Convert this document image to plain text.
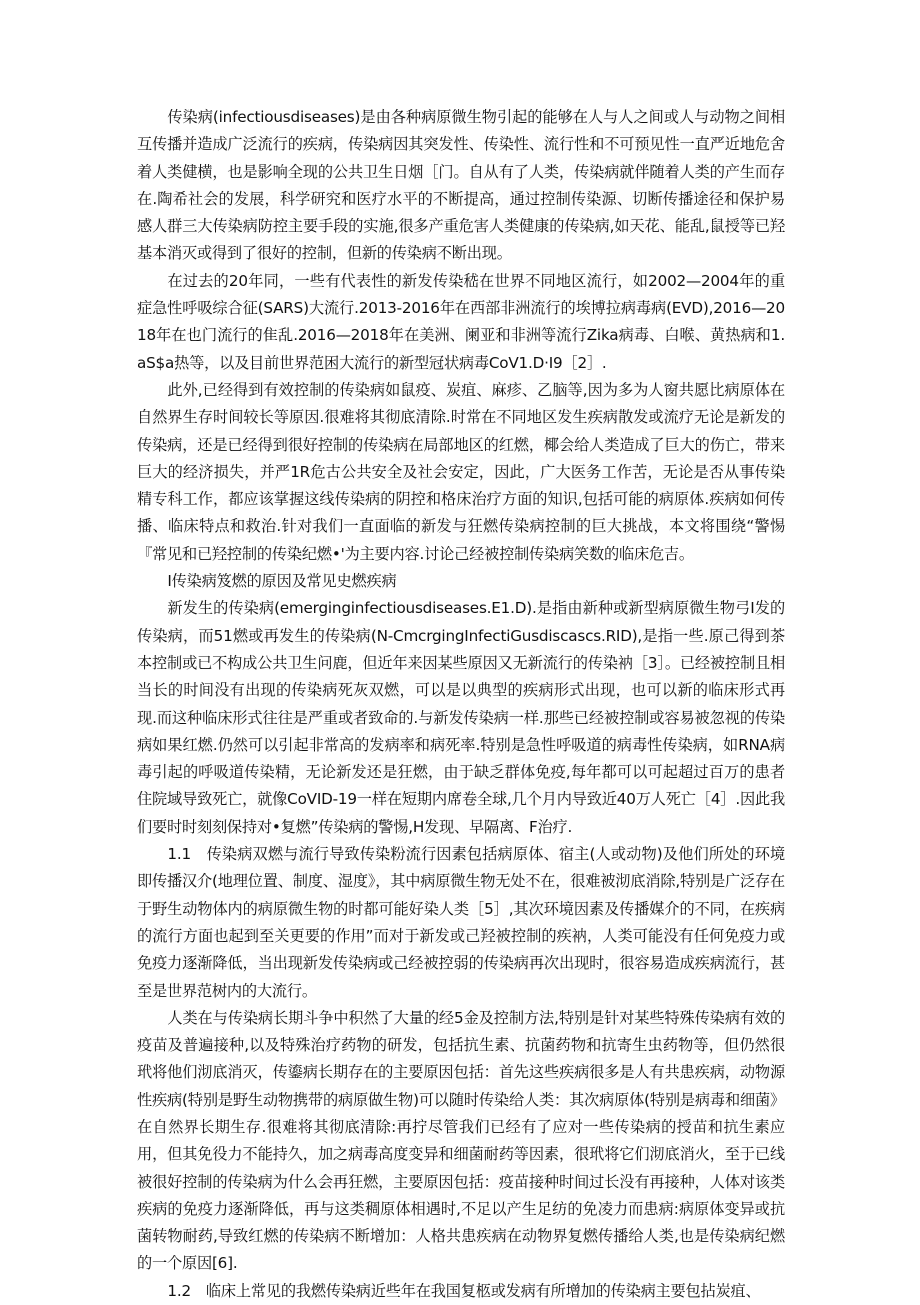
传染病(infectiousdiseases)是由各种病原微生物引起的能够在人与人之间或人与动物之间相互传播并造成广泛流行的疾病，传染病因其突发性、传染性、流行性和不可预见性一直严近地危舍着人类健横，也是影响全现的公共卫生日烟［门。自从有了人类，传染病就伴随着人类的产生而存在.陶希社会的发展，科学研究和医疗水平的不断提高，通过控制传染源、切断传播途径和保护易感人群三大传染病防控主要手段的实施,很多产重危害人类健康的传染病,如天花、能乱,鼠授等已羟基本消灭或得到了很好的控制，但新的传染病不断出现。

在过去的20年同，一些有代表性的新发传染嵇在世界不同地区流行，如2002—2004年的重症急性呼吸综合征(SARS)大流行.2013-2016年在西部非洲流行的埃博拉病毒病(EVD),2016—2018年在也门流行的隹乱.2016—2018年在美洲、阑亚和非洲等流行Zika病毒、白喉、黄热病和1.aS$a热等，以及目前世界范困大流行的新型冠状病毒CoV1.D·I9［2］.

此外,已经得到有效控制的传染病如鼠疫、炭疽、麻疹、乙脑等,因为多为人窗共愿比病原体在自然界生存时间较长等原因.很难将其彻底清除.时常在不同地区发生疾病散发或流疗无论是新发的传染病，还是已经得到很好控制的传染病在局部地区的红燃，椰会给人类造成了巨大的伤亡，带来巨大的经济损失，并严1R危古公共安全及社会安定，因此，广大医务工作苦，无论是否从事传染精专科工作，都应该掌握这线传染病的阴控和格床治疗方面的知识,包括可能的病原体.疾病如何传播、临床特点和救治.针对我们一直面临的新发与狂燃传染病控制的巨大挑战，本文将围绕“警惕『常见和已羟控制的传染纪燃•'为主要内容.讨论己经被控制传染病笑数的临床危吉。

I传染病笈燃的原因及常见史燃疾病

新发生的传染病(emerginginfectiousdiseases.E1.D).是指由新种或新型病原微生物弓I发的传染病，而51燃或再发生的传染病(N-CmcrgingInfectiGusdiscascs.RID),是指一些.原己得到茶本控制或已不构成公共卫生问鹿，但近年来因某些原因又无新流行的传染衲［3］。已经被控制且相当长的时间没有出现的传染病死灰双燃，可以是以典型的疾病形式出现，也可以新的临床形式再现.而这种临床形式往往是严重或者致命的.与新发传染病一样.那些已经被控制或容易被忽视的传染病如果红燃.仍然可以引起非常高的发病率和病死率.特别是急性呼吸道的病毒性传染病，如RNA病毒引起的呼吸道传染精，无论新发还是狂燃，由于缺乏群体免疫,每年都可以可起超过百万的患者住院域导致死亡，就像CoVID-19一样在短期内席卷全球,几个月内导致近40万人死亡［4］.因此我们要时时刻刻保持对•复燃”传染病的警惕,H发现、早隔离、F治疗.

1.1　传染病双燃与流行导致传染粉流行因素包括病原体、宿主(人或动物)及他们所处的环境即传播汉介(地理位置、制度、湿度》，其中病原微生物无处不在，很难被沏底消除,特别是广泛存在于野生动物体内的病原微生物的时都可能好染人类［5］,其次环境因素及传播媒介的不同，在疾病的流行方面也起到至关更要的作用”而对于新发或己羟被控制的疾衲，人类可能没有任何免疫力或免疫力逐渐降低，当出现新发传染病或己经被控弱的传染病再次出现时，很容易造成疾病流行，甚至是世界范树内的大流行。

人类在与传染病长期斗争中积然了大量的经5金及控制方法,特别是针对某些特殊传染病有效的疫苗及普遍接种,以及特殊治疗药物的研发，包括抗生素、抗菌药物和抗寄生虫药物等，但仍然很玳将他们沏底消灭，传鎏病长期存在的主要原因包括：首先这些疾病很多是人有共患疾病，动物源性疾病(特别是野生动物携带的病原做生物)可以随时传染给人类：其次病原体(特别是病毒和细菌》在自然界长期生存.很难将其彻底清除:再拧尽管我们已经有了应对一些传染病的授苗和抗生素应用，但其免役力不能持久，加之病毒高度变异和细菌耐药等因素，很玳将它们沏底消火，至于已线被很好控制的传染病为什么会再狂燃，主要原因包括：疫苗接种时间过长没有再接种，人体对该类疾病的免疫力逐渐降低，再与这类稠原体相遇时,不足以产生足纺的免凌力而患病:病原体变异或抗菌转物耐药,导致红燃的传染病不断增加：人格共患疾病在动物界复燃传播给人类,也是传染病纪燃的一个原因[6].

1.2　临床上常见的我燃传染病近些年在我国复柩或发病有所增加的传染病主要包拈炭疽、
